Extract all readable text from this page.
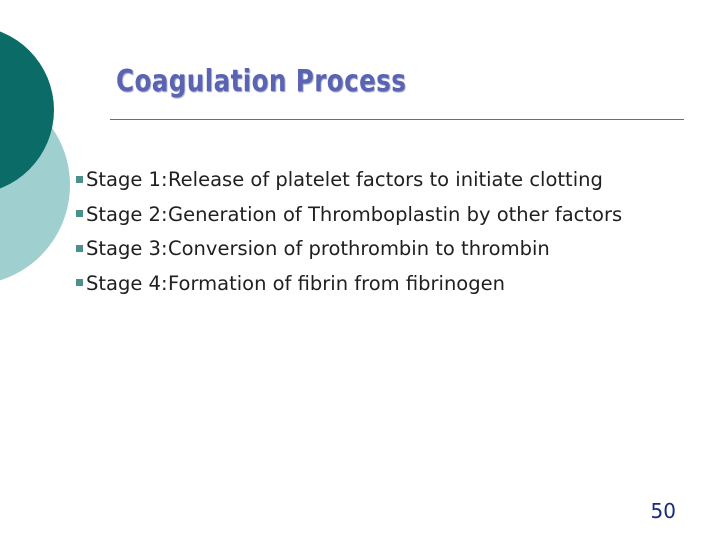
Coagulation Process
Stage 1: Release of platelet factors to initiate clotting
Stage 2: Generation of Thromboplastin by other factors
Stage 3: Conversion of prothrombin to thrombin
Stage 4: Formation of fibrin from fibrinogen
50
